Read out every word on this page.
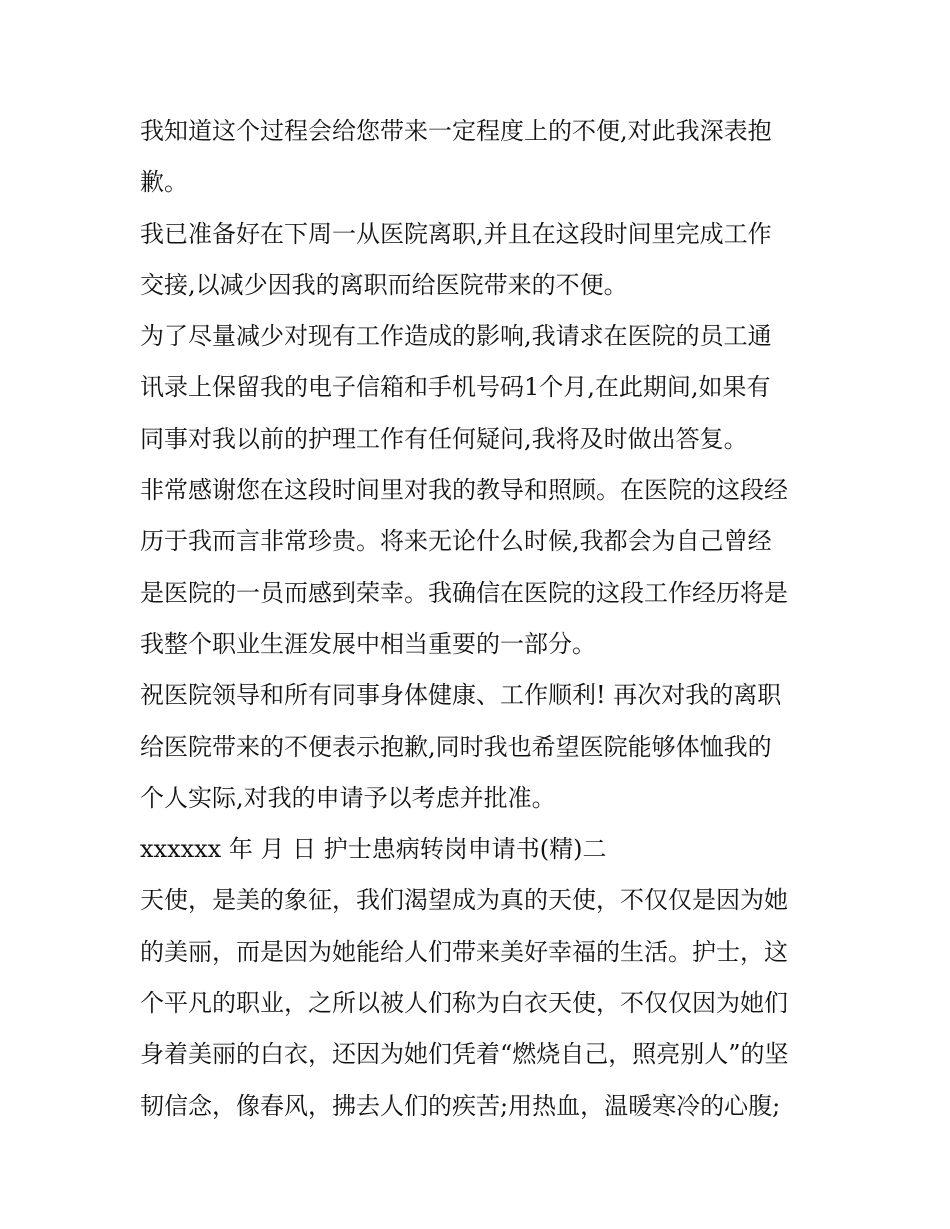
我知道这个过程会给您带来一定程度上的不便,对此我深表抱
歉。
我已准备好在下周一从医院离职,并且在这段时间里完成工作
交接,以减少因我的离职而给医院带来的不便。
为了尽量减少对现有工作造成的影响,我请求在医院的员工通
讯录上保留我的电子信箱和手机号码1个月,在此期间,如果有
同事对我以前的护理工作有任何疑问,我将及时做出答复。
非常感谢您在这段时间里对我的教导和照顾。在医院的这段经
历于我而言非常珍贵。将来无论什么时候,我都会为自己曾经
是医院的一员而感到荣幸。我确信在医院的这段工作经历将是
我整个职业生涯发展中相当重要的一部分。
祝医院领导和所有同事身体健康、工作顺利! 再次对我的离职
给医院带来的不便表示抱歉,同时我也希望医院能够体恤我的
个人实际,对我的申请予以考虑并批准。
xxxxxx 年 月 日 护士患病转岗申请书(精)二
天使，是美的象征，我们渴望成为真的天使，不仅仅是因为她
的美丽，而是因为她能给人们带来美好幸福的生活。护士，这
个平凡的职业，之所以被人们称为白衣天使，不仅仅因为她们
身着美丽的白衣，还因为她们凭着“燃烧自己，照亮别人”的坚
韧信念，像春风，拂去人们的疾苦;用热血，温暖寒冷的心腹;
